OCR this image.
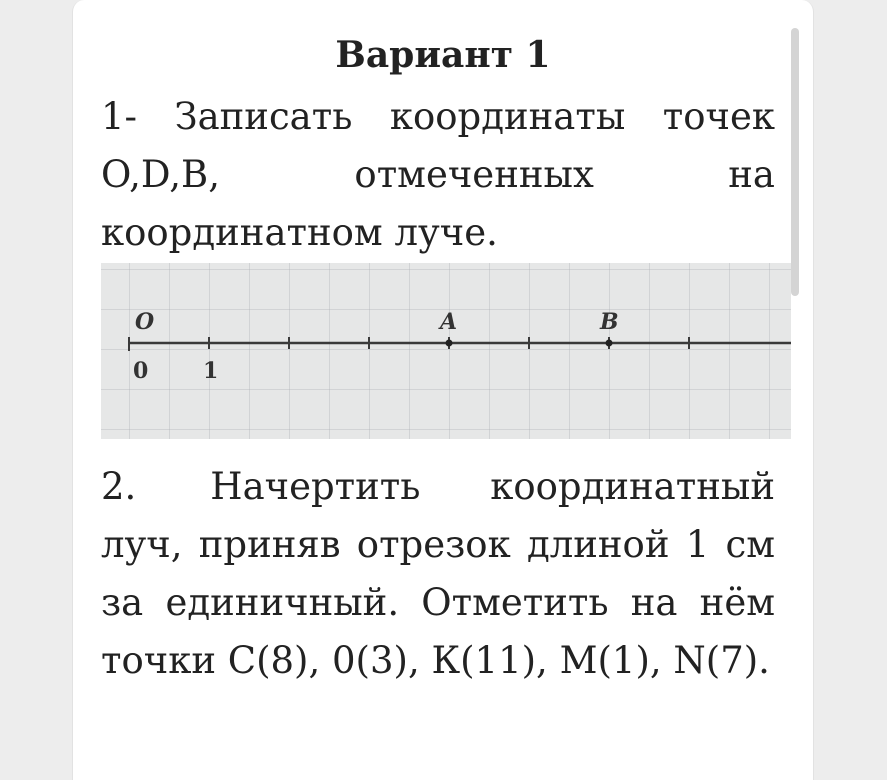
Вариант 1

1- Записать координаты точек O,D,B, отмеченных на координатном луче.

O	A	B
0 1

2.  Начертить координатный луч, приняв отрезок длиной 1 см за единичный. Отметить на нём точки C(8), 0(3), К(11), М(1), N(7).
